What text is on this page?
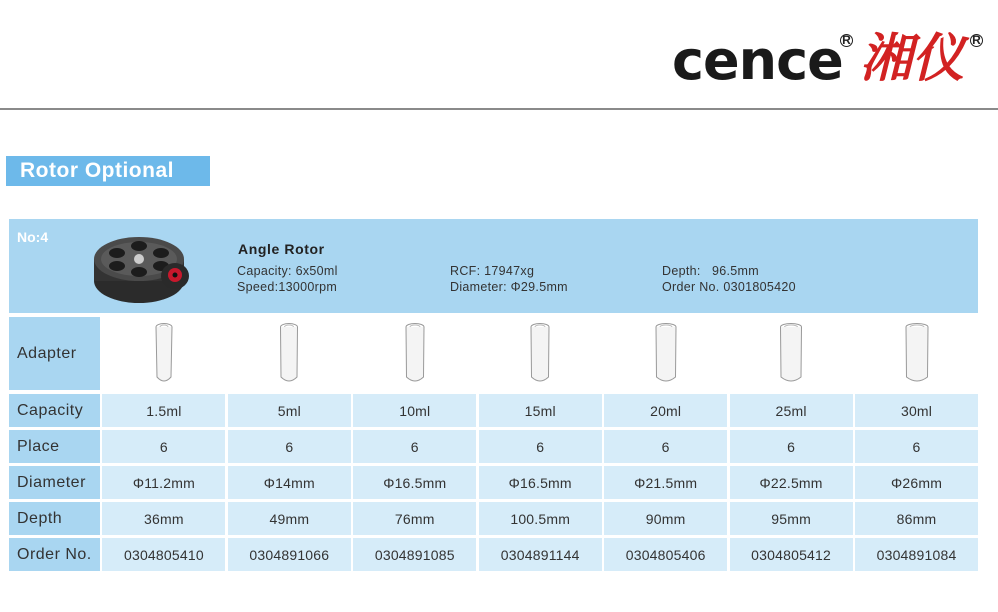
cence R 湘仪 R
Rotor Optional
No:4
Angle Rotor
Capacity: 6x50ml
Speed:13000rpm
RCF: 17947xg
Diameter: Φ29.5mm
Depth:   96.5mm
Order No. 0301805420
Adapter
Capacity	1.5ml	5ml	10ml	15ml	20ml	25ml	30ml
Place	6	6	6	6	6	6	6
Diameter	Φ11.2mm	Φ14mm	Φ16.5mm	Φ16.5mm	Φ21.5mm	Φ22.5mm	Φ26mm
Depth	36mm	49mm	76mm	100.5mm	90mm	95mm	86mm
Order No.	0304805410	0304891066	0304891085	0304891144	0304805406	0304805412	0304891084
